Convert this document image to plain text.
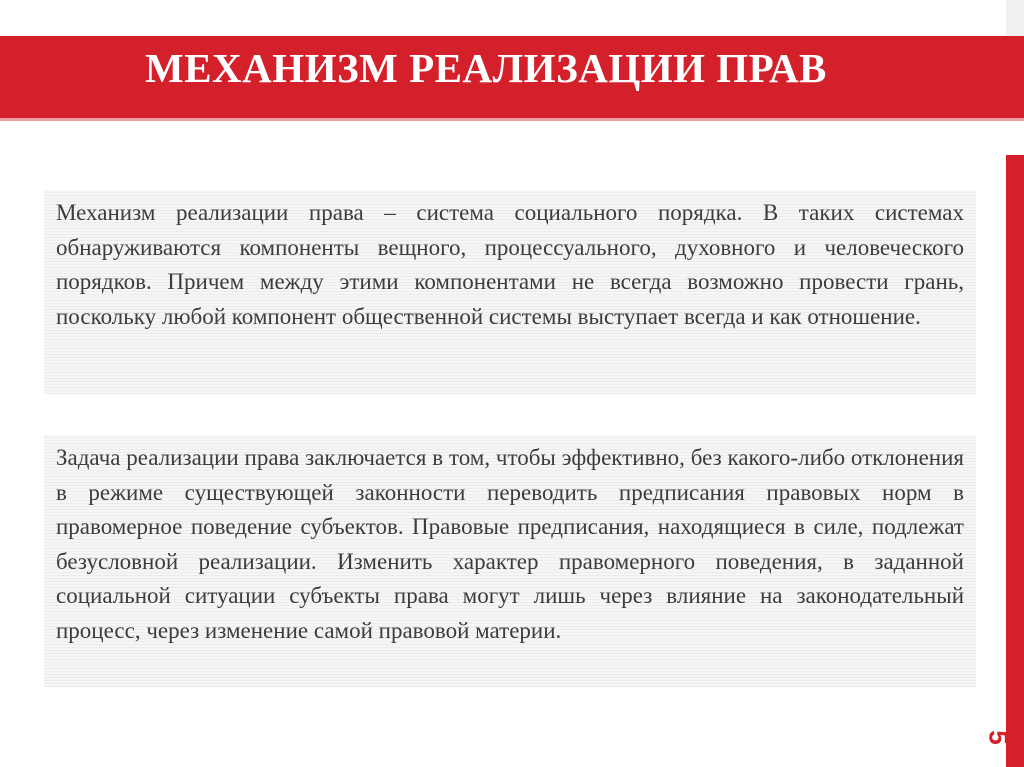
МЕХАНИЗМ РЕАЛИЗАЦИИ ПРАВ
5

Механизм реализации права – система социального порядка. В таких системах обнаруживаются компоненты вещного, процессуального, духовного и человеческого порядков. Причем между этими компонентами не всегда возможно провести грань, поскольку любой компонент общественной системы выступает всегда и как отношение.

Задача реализации права заключается в том, чтобы эффективно, без какого-либо отклонения в режиме существующей законности переводить предписания правовых норм в правомерное поведение субъектов. Правовые предписания, находящиеся в силе, подлежат безусловной реализации. Изменить характер правомерного поведения, в заданной социальной ситуации субъекты права могут лишь через влияние на законодательный процесс, через изменение самой правовой материи.
